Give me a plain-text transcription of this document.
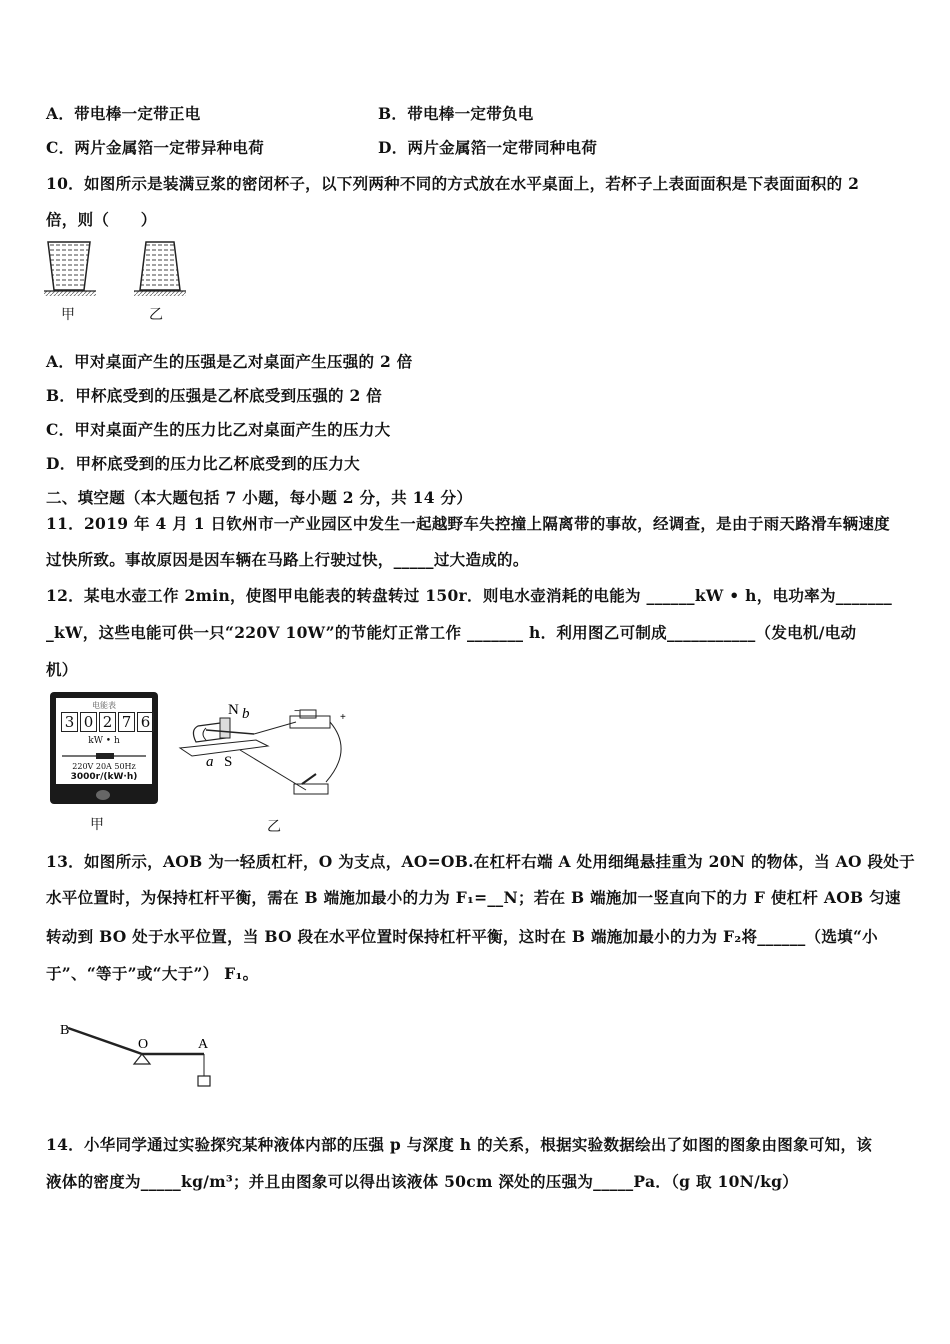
A．带电棒一定带正电	B．带电棒一定带负电
C．两片金属箔一定带异种电荷	D．两片金属箔一定带同种电荷
10．如图所示是装满豆浆的密闭杯子，以下列两种不同的方式放在水平桌面上，若杯子上表面面积是下表面面积的 2
倍，则（　　）
甲	乙
A．甲对桌面产生的压强是乙对桌面产生压强的 2 倍
B．甲杯底受到的压强是乙杯底受到压强的 2 倍
C．甲对桌面产生的压力比乙对桌面产生的压力大
D．甲杯底受到的压力比乙杯底受到的压力大
二、填空题（本大题包括 7 小题，每小题 2 分，共 14 分）
11．2019 年 4 月 1 日钦州市一产业园区中发生一起越野车失控撞上隔离带的事故，经调查，是由于雨天路滑车辆速度
过快所致。事故原因是因车辆在马路上行驶过快，_____过大造成的。
12．某电水壶工作 2min，使图甲电能表的转盘转过 150r．则电水壶消耗的电能为 ______kW • h，电功率为_______
_kW，这些电能可供一只“220V 10W”的节能灯正常工作 _______ h．利用图乙可制成___________（发电机/电动
机）
电能表
3 0 2 7 6
kW • h
220V 20A 50Hz
3000r/(kW·h)
甲
N b
a S
−
+
乙
13．如图所示，AOB 为一轻质杠杆，O 为支点，AO=OB.在杠杆右端 A 处用细绳悬挂重为 20N 的物体，当 AO 段处于
水平位置时，为保持杠杆平衡，需在 B 端施加最小的力为 F₁=__N；若在 B 端施加一竖直向下的力 F 使杠杆 AOB 匀速
转动到 BO 处于水平位置，当 BO 段在水平位置时保持杠杆平衡，这时在 B 端施加最小的力为 F₂将______（选填“小
于”、“等于”或“大于”） F₁。
B
O	A
14．小华同学通过实验探究某种液体内部的压强 p 与深度 h 的关系，根据实验数据绘出了如图的图象由图象可知，该
液体的密度为_____kg/m³；并且由图象可以得出该液体 50cm 深处的压强为_____Pa．（g 取 10N/kg）
